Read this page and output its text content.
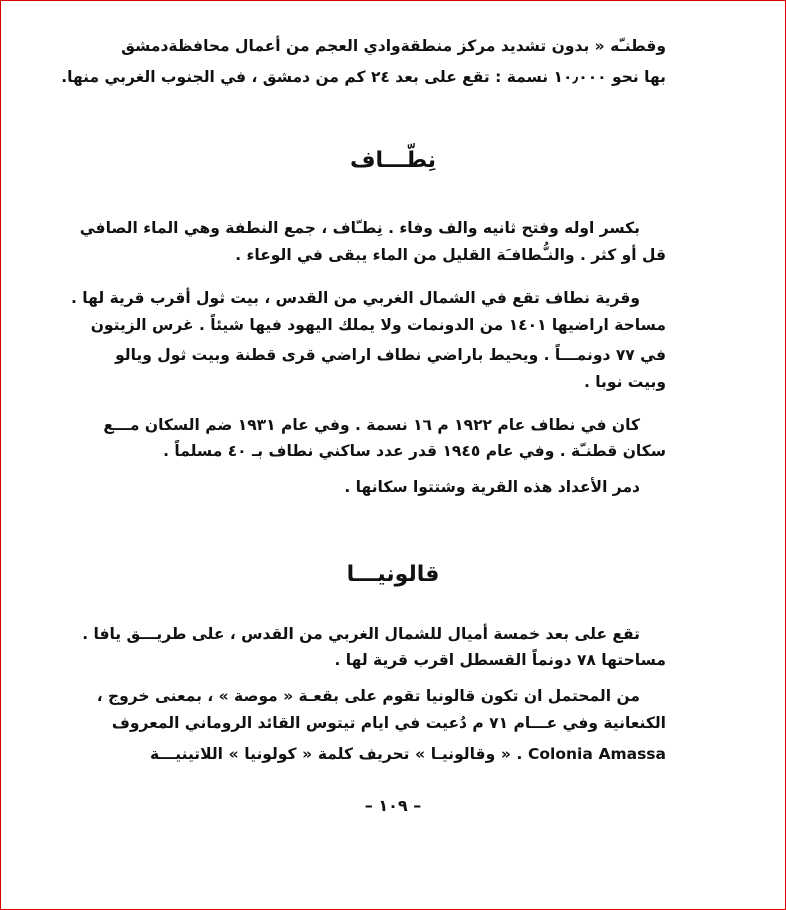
وقطنـّه « بدون تشديد مركز منطقةوادي العجم من أعمال محافظةدمشق
بها نحو ١٠٫٠٠٠ نسمة : تقع على بعد ٢٤ كم من دمشق ، في الجنوب الغربي منها.
نِطّـــاف
بكسر اوله وفتح ثانيه والف وفاء . نِطـّاف ، جمع النطفة وهي الماء الصافي
قل أو كثر . والنـُّطافـَة القليل من الماء يبقى في الوعاء .
وقرية نطاف تقع في الشمال الغربي من القدس ، بيت ثول أقرب قرية لها .
مساحة اراضيها ١٤٠١ من الدونمات ولا يملك اليهود فيها شيئاً . غرس الزيتون
في ٧٧ دونمـــاً . ويحيط باراضي نطاف اراضي قرى قطنة وبيت ثول ويالو
وبيت نوبا .
كان في نطاف عام ١٩٢٢ م ١٦ نسمة . وفي عام ١٩٣١ ضم السكان مـــع
سكان قطنـّة . وفي عام ١٩٤٥ قدر عدد ساكني نطاف بـ ٤٠ مسلماً .
دمر الأعداد هذه القرية وشتتوا سكانها .
قالونيـــا
تقع على بعد خمسة أميال للشمال الغربي من القدس ، على طريـــق يافا .
مساحتها ٧٨ دونماً القسطل اقرب قرية لها .
من المحتمل ان تكون قالونيا تقوم على بقعـة « موصة » ، بمعنى خروج ،
الكنعانية وفي عـــام ٧١ م دُعيت في ايام تيتوس القائد الروماني المعروف
Colonia Amassa . « وقالونيـا » تحريف كلمة « كولونيا » اللاتينيـــة
– ١٠٩ –
